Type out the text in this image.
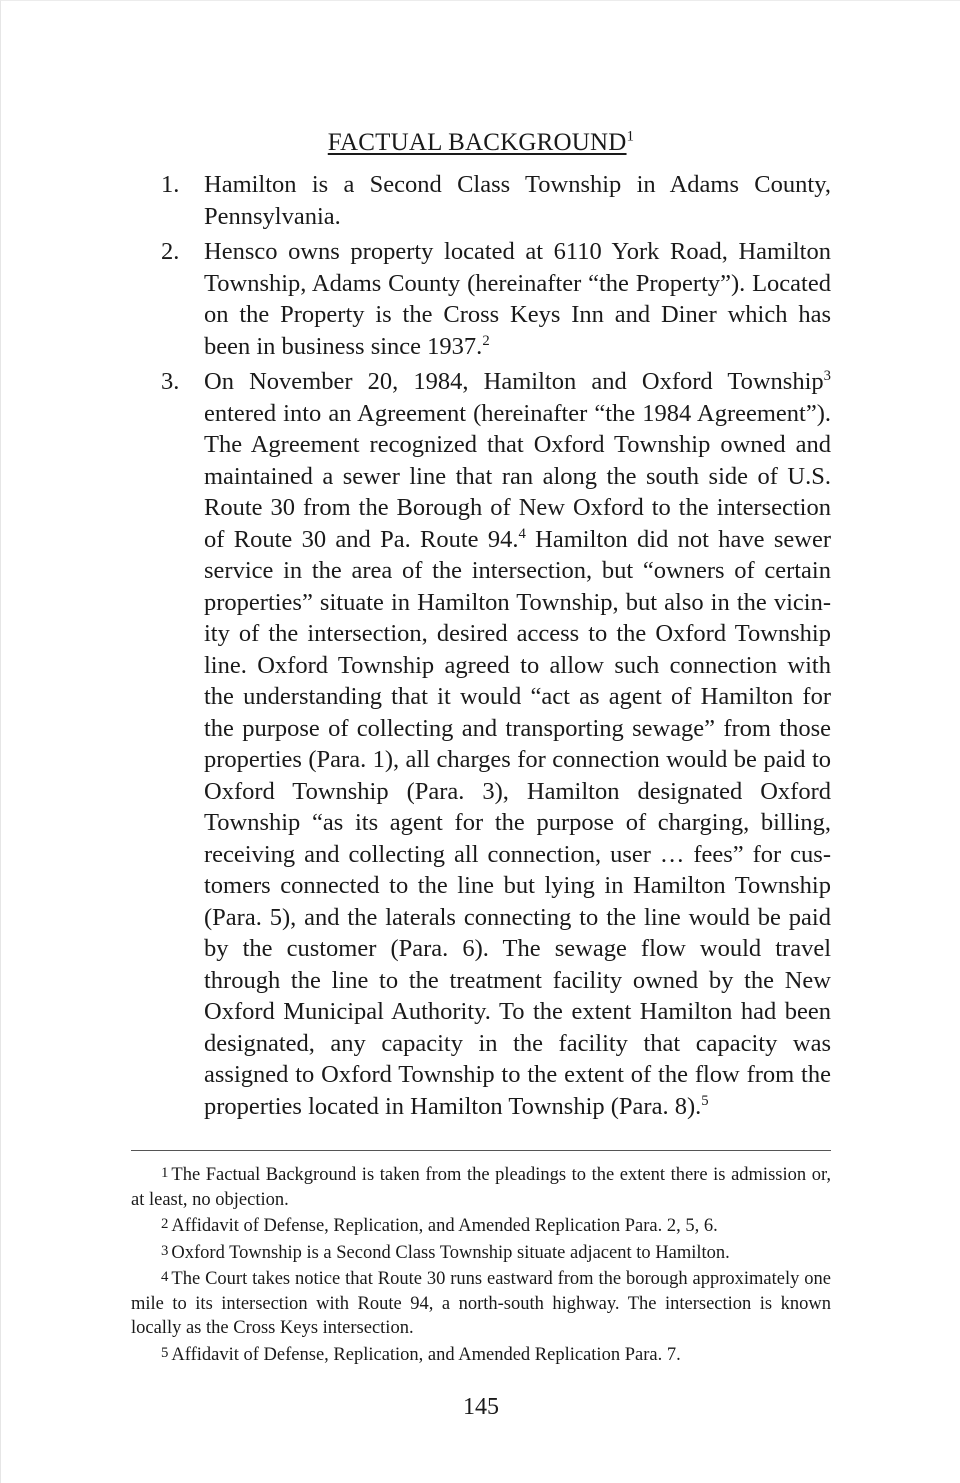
FACTUAL BACKGROUND$^1$
1. Hamilton is a Second Class Township in Adams County, Pennsylvania.
2. Hensco owns property located at 6110 York Road, Hamilton Township, Adams County (hereinafter “the Property”). Located on the Property is the Cross Keys Inn and Diner which has been in business since 1937.$^2$
3. On November 20, 1984, Hamilton and Oxford Township$^3$ entered into an Agreement (hereinafter “the 1984 Agreement”). The Agreement recognized that Oxford Township owned and maintained a sewer line that ran along the south side of U.S. Route 30 from the Borough of New Oxford to the intersection of Route 30 and Pa. Route 94.$^4$ Hamilton did not have sewer service in the area of the intersection, but “owners of certain properties” situate in Hamilton Township, but also in the vicinity of the intersection, desired access to the Oxford Township line. Oxford Township agreed to allow such connection with the understanding that it would “act as agent of Hamilton for the purpose of collecting and transporting sewage” from those properties (Para. 1), all charges for connection would be paid to Oxford Township (Para. 3), Hamilton designated Oxford Township “as its agent for the purpose of charging, billing, receiving and collecting all connection, user … fees” for customers connected to the line but lying in Hamilton Township (Para. 5), and the laterals connecting to the line would be paid by the customer (Para. 6). The sewage flow would travel through the line to the treatment facility owned by the New Oxford Municipal Authority. To the extent Hamilton had been designated, any capacity in the facility that capacity was assigned to Oxford Township to the extent of the flow from the properties located in Hamilton Township (Para. 8).$^5$

1 The Factual Background is taken from the pleadings to the extent there is admission or, at least, no objection.

2 Affidavit of Defense, Replication, and Amended Replication Para. 2, 5, 6.

3 Oxford Township is a Second Class Township situate adjacent to Hamilton.

4 The Court takes notice that Route 30 runs eastward from the borough approximately one mile to its intersection with Route 94, a north-south highway. The intersection is known locally as the Cross Keys intersection.

5 Affidavit of Defense, Replication, and Amended Replication Para. 7.

145
